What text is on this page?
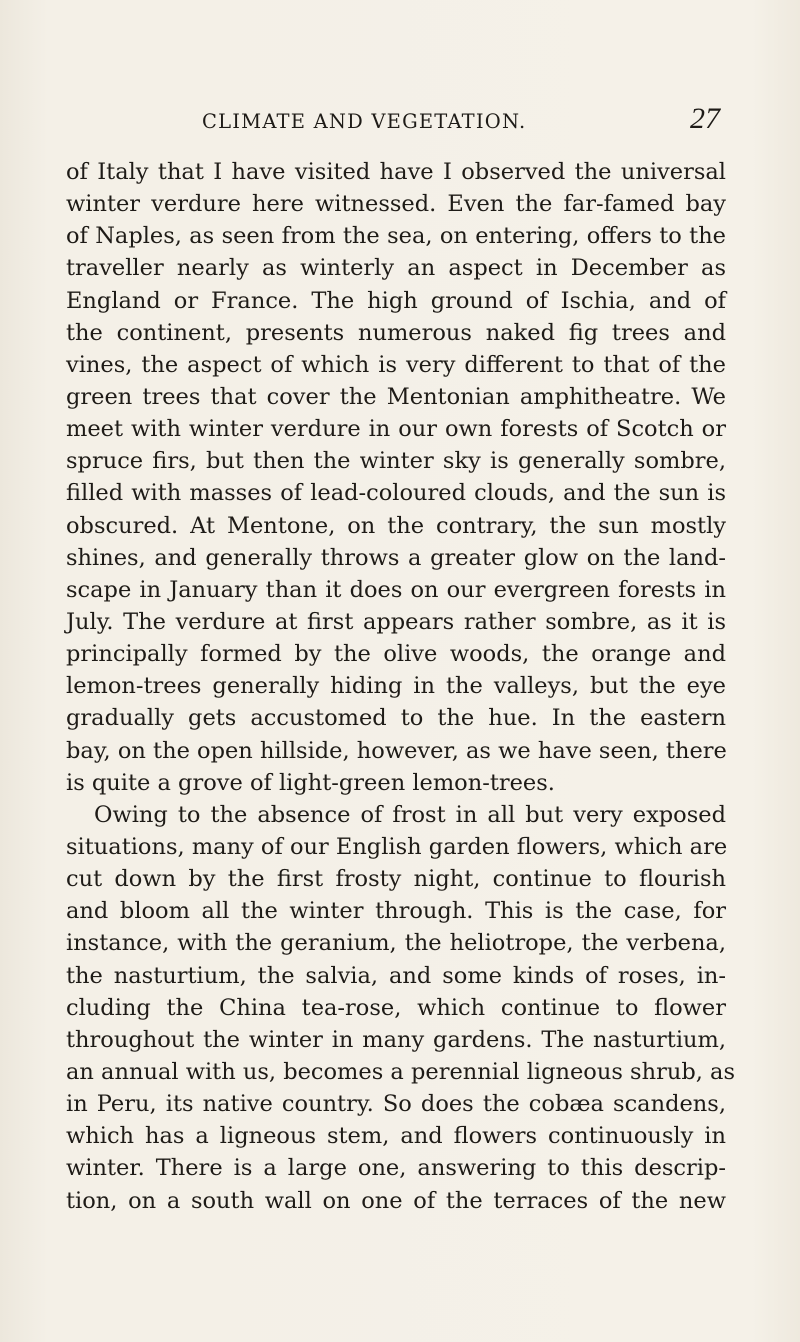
CLIMATE AND VEGETATION.	27
of Italy that I have visited have I observed the universal
winter verdure here witnessed. Even the far-famed bay
of Naples, as seen from the sea, on entering, offers to the
traveller nearly as winterly an aspect in December as
England or France. The high ground of Ischia, and of
the continent, presents numerous naked fig trees and
vines, the aspect of which is very different to that of the
green trees that cover the Mentonian amphitheatre. We
meet with winter verdure in our own forests of Scotch or
spruce firs, but then the winter sky is generally sombre,
filled with masses of lead-coloured clouds, and the sun is
obscured. At Mentone, on the contrary, the sun mostly
shines, and generally throws a greater glow on the land-
scape in January than it does on our evergreen forests in
July. The verdure at first appears rather sombre, as it is
principally formed by the olive woods, the orange and
lemon-trees generally hiding in the valleys, but the eye
gradually gets accustomed to the hue. In the eastern
bay, on the open hillside, however, as we have seen, there
is quite a grove of light-green lemon-trees.
Owing to the absence of frost in all but very exposed
situations, many of our English garden flowers, which are
cut down by the first frosty night, continue to flourish
and bloom all the winter through. This is the case, for
instance, with the geranium, the heliotrope, the verbena,
the nasturtium, the salvia, and some kinds of roses, in-
cluding the China tea-rose, which continue to flower
throughout the winter in many gardens. The nasturtium,
an annual with us, becomes a perennial ligneous shrub, as
in Peru, its native country. So does the cobæa scandens,
which has a ligneous stem, and flowers continuously in
winter. There is a large one, answering to this descrip-
tion, on a south wall on one of the terraces of the new
